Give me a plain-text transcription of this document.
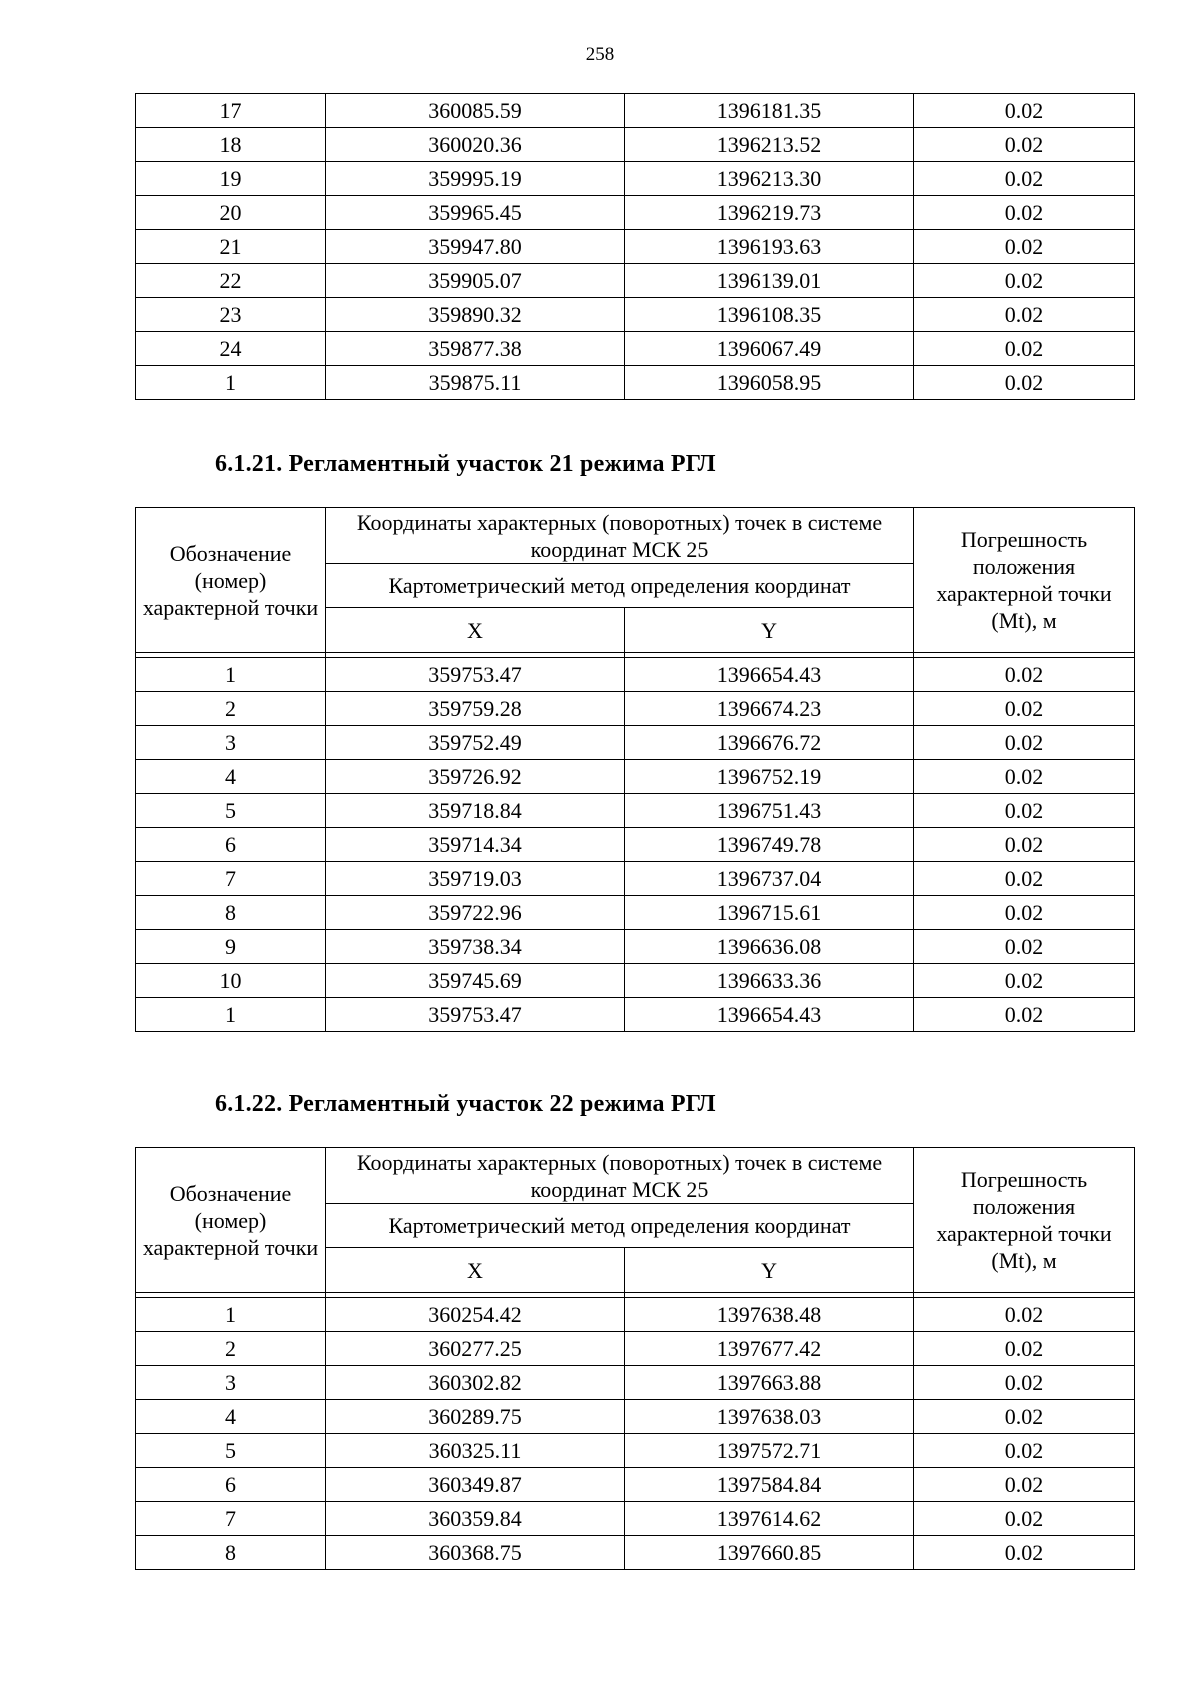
258
17	360085.59	1396181.35	0.02
18	360020.36	1396213.52	0.02
19	359995.19	1396213.30	0.02
20	359965.45	1396219.73	0.02
21	359947.80	1396193.63	0.02
22	359905.07	1396139.01	0.02
23	359890.32	1396108.35	0.02
24	359877.38	1396067.49	0.02
1	359875.11	1396058.95	0.02
6.1.21. Регламентный участок 21 режима РГЛ
Обозначение (номер) характерной точки	Координаты характерных (поворотных) точек в системе координат МСК 25		Погрешность положения характерной точки (Mt), м
	Картометрический метод определения координат		
	X	Y	

1	359753.47	1396654.43	0.02
2	359759.28	1396674.23	0.02
3	359752.49	1396676.72	0.02
4	359726.92	1396752.19	0.02
5	359718.84	1396751.43	0.02
6	359714.34	1396749.78	0.02
7	359719.03	1396737.04	0.02
8	359722.96	1396715.61	0.02
9	359738.34	1396636.08	0.02
10	359745.69	1396633.36	0.02
1	359753.47	1396654.43	0.02
6.1.22. Регламентный участок 22 режима РГЛ
Обозначение (номер) характерной точки	Координаты характерных (поворотных) точек в системе координат МСК 25		Погрешность положения характерной точки (Mt), м
	Картометрический метод определения координат		
	X	Y	

1	360254.42	1397638.48	0.02
2	360277.25	1397677.42	0.02
3	360302.82	1397663.88	0.02
4	360289.75	1397638.03	0.02
5	360325.11	1397572.71	0.02
6	360349.87	1397584.84	0.02
7	360359.84	1397614.62	0.02
8	360368.75	1397660.85	0.02
